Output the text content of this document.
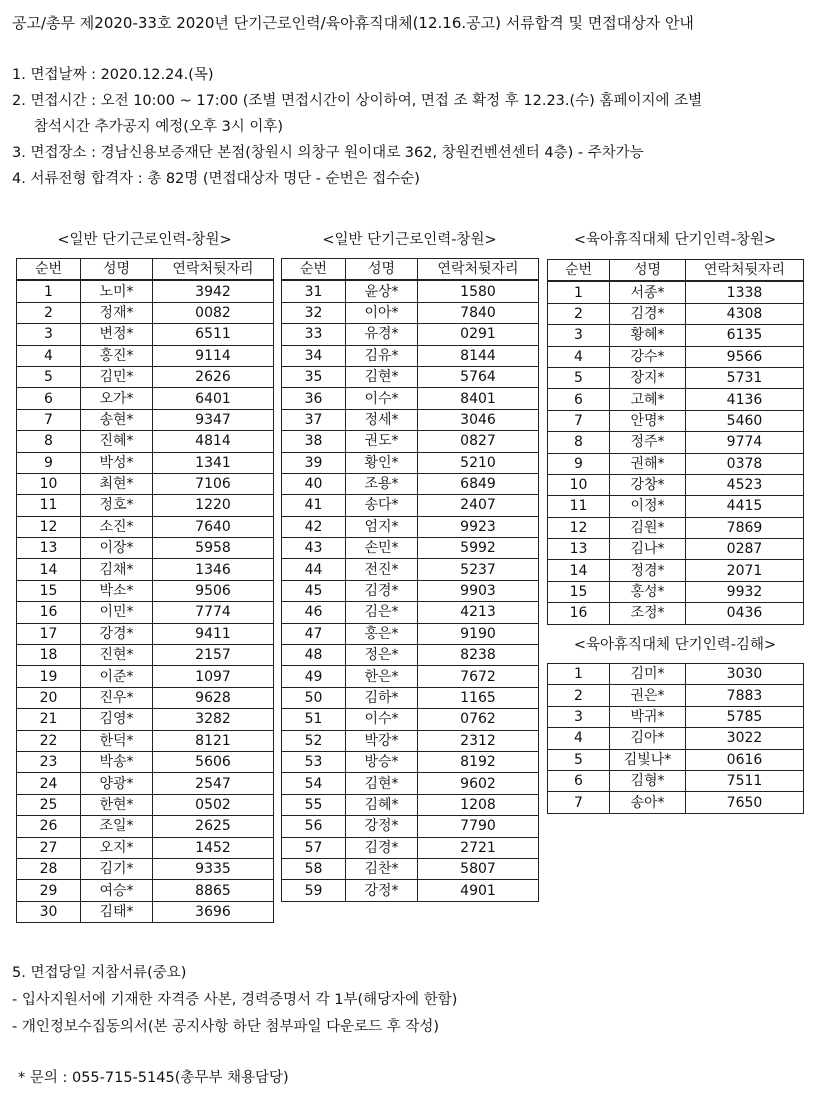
공고/총무 제2020-33호 2020년 단기근로인력/육아휴직대체(12.16.공고) 서류합격 및 면접대상자 안내

1. 면접날짜 : 2020.12.24.(목)

2. 면접시간 : 오전 10:00 ~ 17:00 (조별 면접시간이 상이하여, 면접 조 확정 후 12.23.(수) 홈페이지에 조별

참석시간 추가공지 예정(오후 3시 이후)

3. 면접장소 : 경남신용보증재단 본점(창원시 의창구 원이대로 362, 창원컨벤션센터 4층) - 주차가능

4. 서류전형 합격자 : 총 82명 (면접대상자 명단 - 순번은 접수순)

<일반 단기근로인력-창원>	<일반 단기근로인력-창원>	<육아휴직대체 단기인력-창원>
<육아휴직대체 단기인력-김해>
순번	성명	연락처뒷자리
1	노미*	3942
2	정재*	0082
3	변정*	6511
4	홍진*	9114
5	김민*	2626
6	오가*	6401
7	송현*	9347
8	진혜*	4814
9	박성*	1341
10	최현*	7106
11	정호*	1220
12	소진*	7640
13	이장*	5958
14	김채*	1346
15	박소*	9506
16	이민*	7774
17	강경*	9411
18	진현*	2157
19	이준*	1097
20	진우*	9628
21	김영*	3282
22	한덕*	8121
23	박송*	5606
24	양광*	2547
25	한현*	0502
26	조일*	2625
27	오지*	1452
28	김기*	9335
29	여승*	8865
30	김태*	3696
순번	성명	연락처뒷자리
31	윤상*	1580
32	이아*	7840
33	유경*	0291
34	김유*	8144
35	김현*	5764
36	이수*	8401
37	정세*	3046
38	권도*	0827
39	황인*	5210
40	조용*	6849
41	송다*	2407
42	엄지*	9923
43	손민*	5992
44	전진*	5237
45	김경*	9903
46	김은*	4213
47	홍은*	9190
48	정은*	8238
49	한은*	7672
50	김하*	1165
51	이수*	0762
52	박강*	2312
53	방승*	8192
54	김현*	9602
55	김혜*	1208
56	강정*	7790
57	김경*	2721
58	김찬*	5807
59	강정*	4901
순번	성명	연락처뒷자리
1	서종*	1338
2	김경*	4308
3	황혜*	6135
4	강수*	9566
5	장지*	5731
6	고혜*	4136
7	안명*	5460
8	정주*	9774
9	권해*	0378
10	강창*	4523
11	이정*	4415
12	김원*	7869
13	김나*	0287
14	정경*	2071
15	홍성*	9932
16	조정*	0436
1	김미*	3030
2	권은*	7883
3	박귀*	5785
4	김아*	3022
5	김빛나*	0616
6	김형*	7511
7	송아*	7650

5. 면접당일 지참서류(중요)

- 입사지원서에 기재한 자격증 사본, 경력증명서 각 1부(해당자에 한함)

- 개인정보수집동의서(본 공지사항 하단 첨부파일 다운로드 후 작성)

* 문의 : 055-715-5145(총무부 채용담당)
